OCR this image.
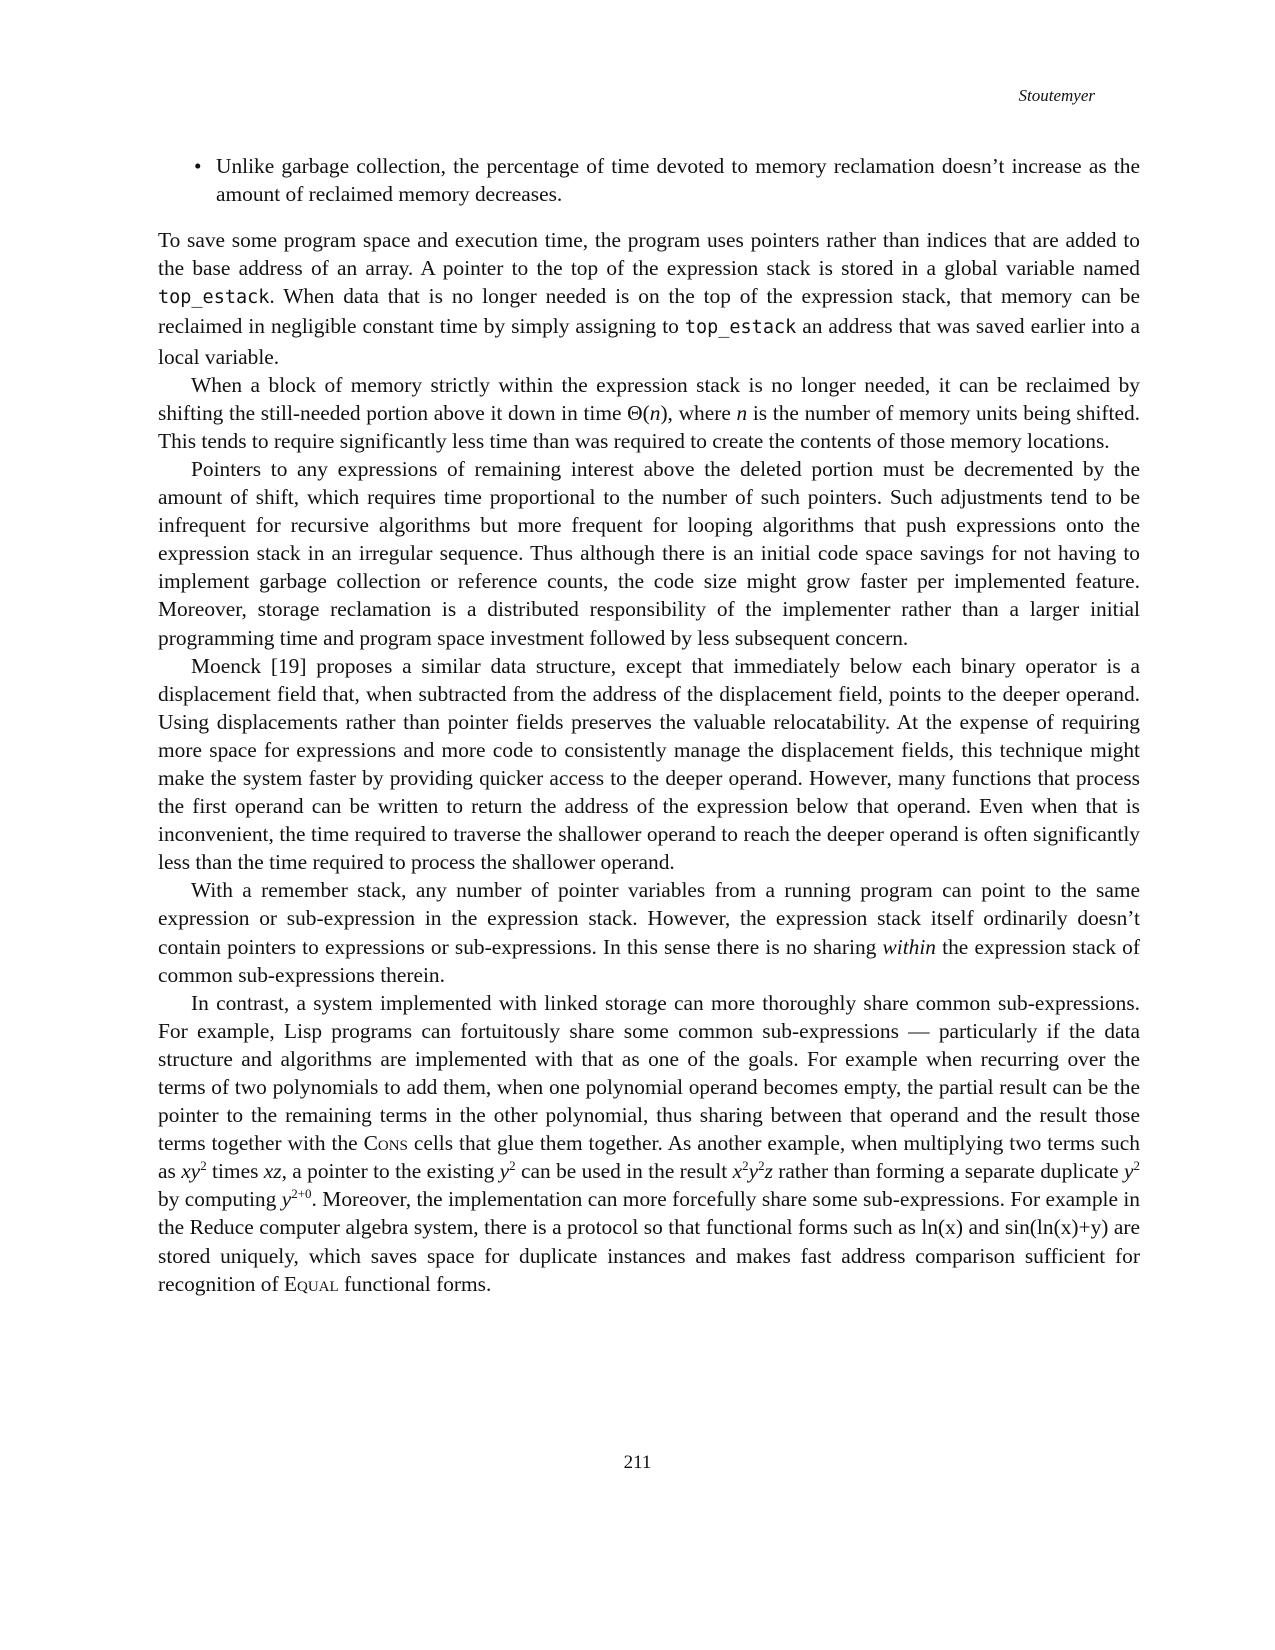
Stoutemyer
• Unlike garbage collection, the percentage of time devoted to memory reclamation doesn’t increase as the amount of reclaimed memory decreases.

To save some program space and execution time, the program uses pointers rather than indices that are added to the base address of an array. A pointer to the top of the expression stack is stored in a global variable named top_estack. When data that is no longer needed is on the top of the expression stack, that memory can be reclaimed in negligible constant time by simply assigning to top_estack an address that was saved earlier into a local variable.

When a block of memory strictly within the expression stack is no longer needed, it can be reclaimed by shifting the still-needed portion above it down in time Θ(n), where n is the number of memory units being shifted. This tends to require significantly less time than was required to create the contents of those memory locations.

Pointers to any expressions of remaining interest above the deleted portion must be decremented by the amount of shift, which requires time proportional to the number of such pointers. Such adjustments tend to be infrequent for recursive algorithms but more frequent for looping algorithms that push expressions onto the expression stack in an irregular sequence. Thus although there is an initial code space savings for not having to implement garbage collection or reference counts, the code size might grow faster per implemented feature. Moreover, storage reclamation is a distributed responsibility of the implementer rather than a larger initial programming time and program space investment followed by less subsequent concern.

Moenck [19] proposes a similar data structure, except that immediately below each binary operator is a displacement field that, when subtracted from the address of the displacement field, points to the deeper operand. Using displacements rather than pointer fields preserves the valuable relocatability. At the expense of requiring more space for expressions and more code to consistently manage the displacement fields, this technique might make the system faster by providing quicker access to the deeper operand. However, many functions that process the first operand can be written to return the address of the expression below that operand. Even when that is inconvenient, the time required to traverse the shallower operand to reach the deeper operand is often significantly less than the time required to process the shallower operand.

With a remember stack, any number of pointer variables from a running program can point to the same expression or sub-expression in the expression stack. However, the expression stack itself ordinarily doesn’t contain pointers to expressions or sub-expressions. In this sense there is no sharing within the expression stack of common sub-expressions therein.

In contrast, a system implemented with linked storage can more thoroughly share common sub-expressions. For example, Lisp programs can fortuitously share some common sub-expressions — particularly if the data structure and algorithms are implemented with that as one of the goals. For example when recurring over the terms of two polynomials to add them, when one polynomial operand becomes empty, the partial result can be the pointer to the remaining terms in the other polynomial, thus sharing between that operand and the result those terms together with the Cons cells that glue them together. As another example, when multiplying two terms such as $xy^2$ times xz, a pointer to the existing $y^2$ can be used in the result $x^2y^2z$ rather than forming a separate duplicate $y^2$ by computing $y^{2+0}$. Moreover, the implementation can more forcefully share some sub-expressions. For example in the Reduce computer algebra system, there is a protocol so that functional forms such as ln(x) and sin(ln(x)+y) are stored uniquely, which saves space for duplicate instances and makes fast address comparison sufficient for recognition of Equal functional forms.

211
